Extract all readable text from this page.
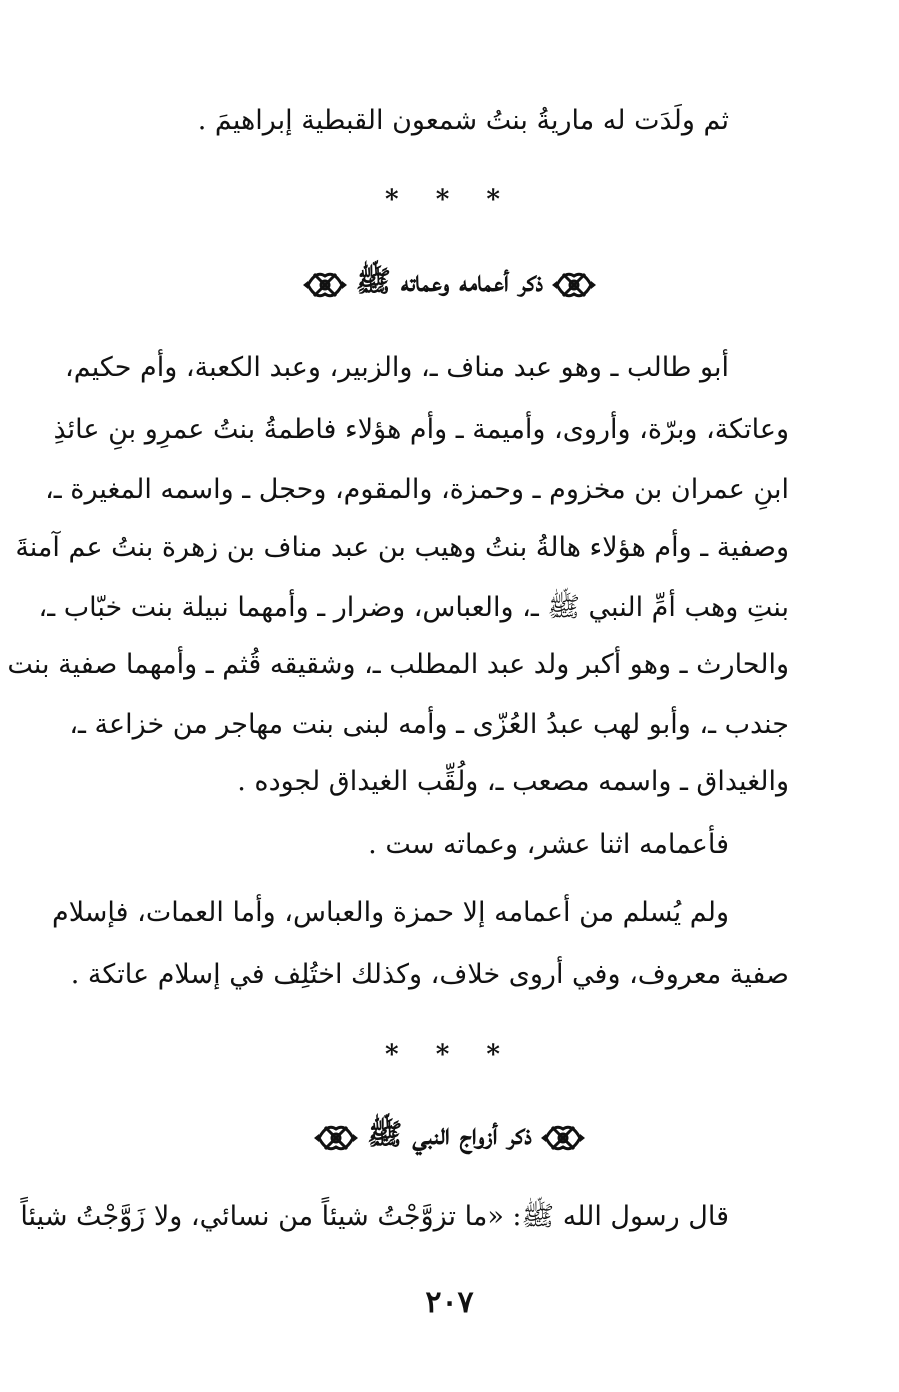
ثم ولَدَت له ماريةُ بنتُ شمعون القبطية إبراهيمَ .
* * *
ذكر أعمامه وعماته ﷺ
أبو طالب ـ وهو عبد مناف ـ، والزبير، وعبد الكعبة، وأم حكيم،
وعاتكة، وبرّة، وأروى، وأميمة ـ وأم هؤلاء فاطمةُ بنتُ عمرِو بنِ عائذِ
ابنِ عمران بن مخزوم ـ وحمزة، والمقوم، وحجل ـ واسمه المغيرة ـ،
وصفية ـ وأم هؤلاء هالةُ بنتُ وهيب بن عبد مناف بن زهرة بنتُ عم آمنةَ
بنتِ وهب أمِّ النبي ﷺ ـ، والعباس، وضرار ـ وأمهما نبيلة بنت خبّاب ـ،
والحارث ـ وهو أكبر ولد عبد المطلب ـ، وشقيقه قُثم ـ وأمهما صفية بنت
جندب ـ، وأبو لهب عبدُ العُزّى ـ وأمه لبنى بنت مهاجر من خزاعة ـ،
والغيداق ـ واسمه مصعب ـ، ولُقِّب الغيداق لجوده .
فأعمامه اثنا عشر، وعماته ست .
ولم يُسلم من أعمامه إلا حمزة والعباس، وأما العمات، فإسلام
صفية معروف، وفي أروى خلاف، وكذلك اختُلِف في إسلام عاتكة .
* * *
ذكر أزواج النبي ﷺ
قال رسول الله ﷺ: «ما تزوَّجْتُ شيئاً من نسائي، ولا زَوَّجْتُ شيئاً
٢٠٧
